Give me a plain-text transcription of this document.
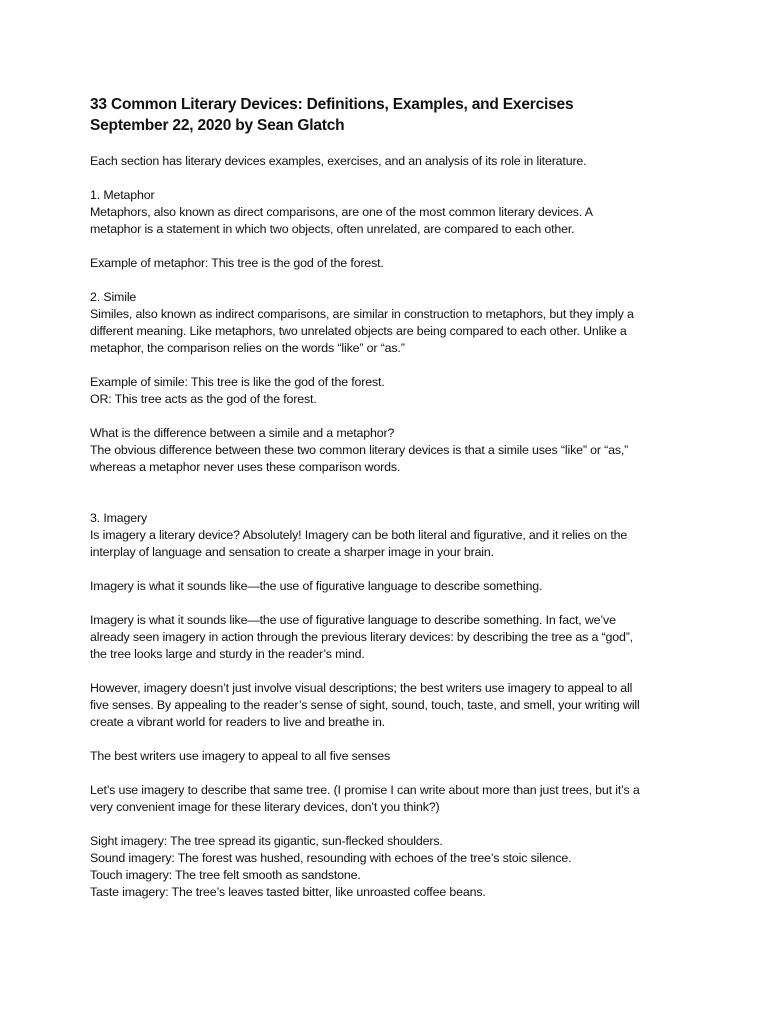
33 Common Literary Devices: Definitions, Examples, and Exercises
September 22, 2020 by Sean Glatch
Each section has literary devices examples, exercises, and an analysis of its role in literature.
1. Metaphor
Metaphors, also known as direct comparisons, are one of the most common literary devices. A
metaphor is a statement in which two objects, often unrelated, are compared to each other.
Example of metaphor: This tree is the god of the forest.
2. Simile
Similes, also known as indirect comparisons, are similar in construction to metaphors, but they imply a
different meaning. Like metaphors, two unrelated objects are being compared to each other. Unlike a
metaphor, the comparison relies on the words “like” or “as.”
Example of simile: This tree is like the god of the forest.
OR: This tree acts as the god of the forest.
What is the difference between a simile and a metaphor?
The obvious difference between these two common literary devices is that a simile uses “like” or “as,”
whereas a metaphor never uses these comparison words.
3. Imagery
Is imagery a literary device? Absolutely! Imagery can be both literal and figurative, and it relies on the
interplay of language and sensation to create a sharper image in your brain.
Imagery is what it sounds like—the use of figurative language to describe something.
Imagery is what it sounds like—the use of figurative language to describe something. In fact, we’ve
already seen imagery in action through the previous literary devices: by describing the tree as a “god”,
the tree looks large and sturdy in the reader’s mind.
However, imagery doesn’t just involve visual descriptions; the best writers use imagery to appeal to all
five senses. By appealing to the reader’s sense of sight, sound, touch, taste, and smell, your writing will
create a vibrant world for readers to live and breathe in.
The best writers use imagery to appeal to all five senses
Let’s use imagery to describe that same tree. (I promise I can write about more than just trees, but it’s a
very convenient image for these literary devices, don’t you think?)
Sight imagery: The tree spread its gigantic, sun-flecked shoulders.
Sound imagery: The forest was hushed, resounding with echoes of the tree’s stoic silence.
Touch imagery: The tree felt smooth as sandstone.
Taste imagery: The tree’s leaves tasted bitter, like unroasted coffee beans.
